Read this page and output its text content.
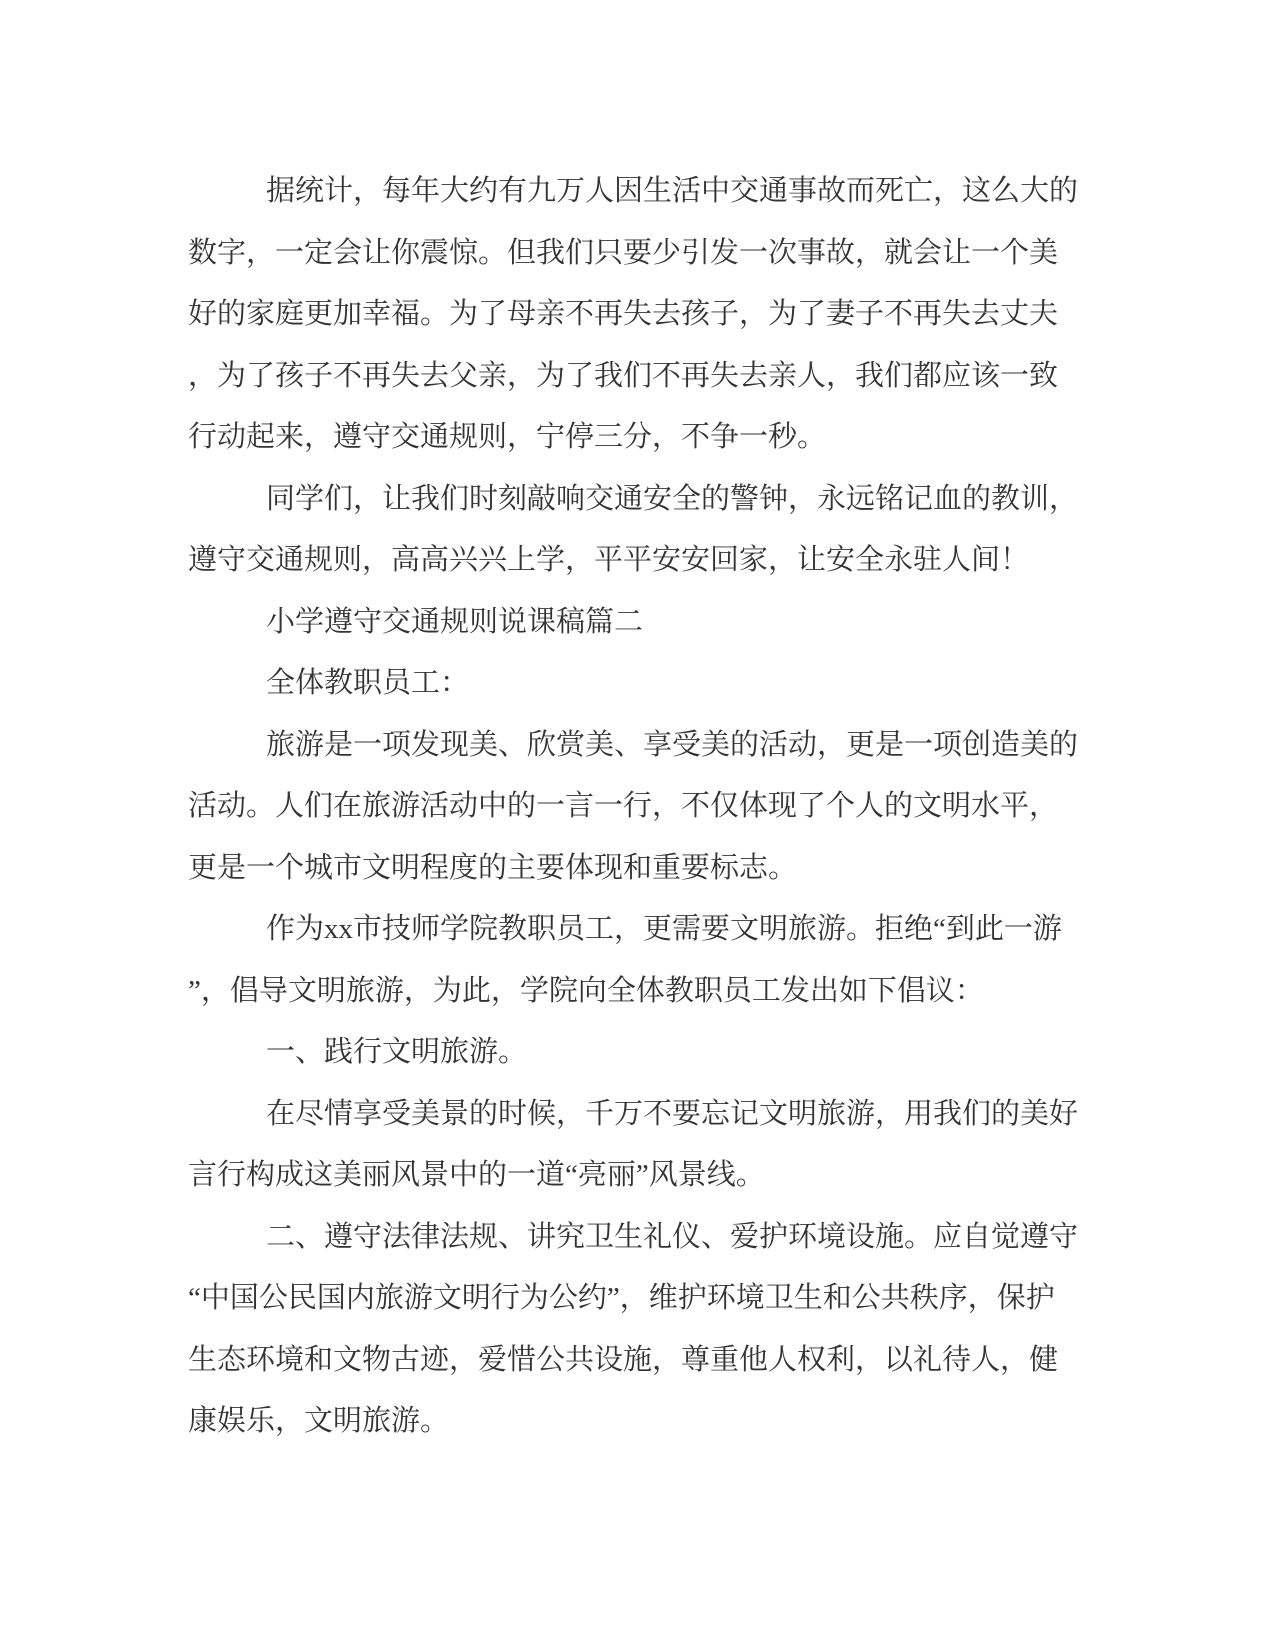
据统计，每年大约有九万人因生活中交通事故而死亡，这么大的
数字，一定会让你震惊。但我们只要少引发一次事故，就会让一个美
好的家庭更加幸福。为了母亲不再失去孩子，为了妻子不再失去丈夫
，为了孩子不再失去父亲，为了我们不再失去亲人，我们都应该一致
行动起来，遵守交通规则，宁停三分，不争一秒。

同学们，让我们时刻敲响交通安全的警钟，永远铭记血的教训，
遵守交通规则，高高兴兴上学，平平安安回家，让安全永驻人间！

小学遵守交通规则说课稿篇二

全体教职员工：

旅游是一项发现美、欣赏美、享受美的活动，更是一项创造美的
活动。人们在旅游活动中的一言一行，不仅体现了个人的文明水平，
更是一个城市文明程度的主要体现和重要标志。

作为xx市技师学院教职员工，更需要文明旅游。拒绝“到此一游
”，倡导文明旅游，为此，学院向全体教职员工发出如下倡议：

一、践行文明旅游。

在尽情享受美景的时候，千万不要忘记文明旅游，用我们的美好
言行构成这美丽风景中的一道“亮丽”风景线。

二、遵守法律法规、讲究卫生礼仪、爱护环境设施。应自觉遵守
“中国公民国内旅游文明行为公约”，维护环境卫生和公共秩序，保护
生态环境和文物古迹，爱惜公共设施，尊重他人权利，以礼待人，健
康娱乐，文明旅游。
